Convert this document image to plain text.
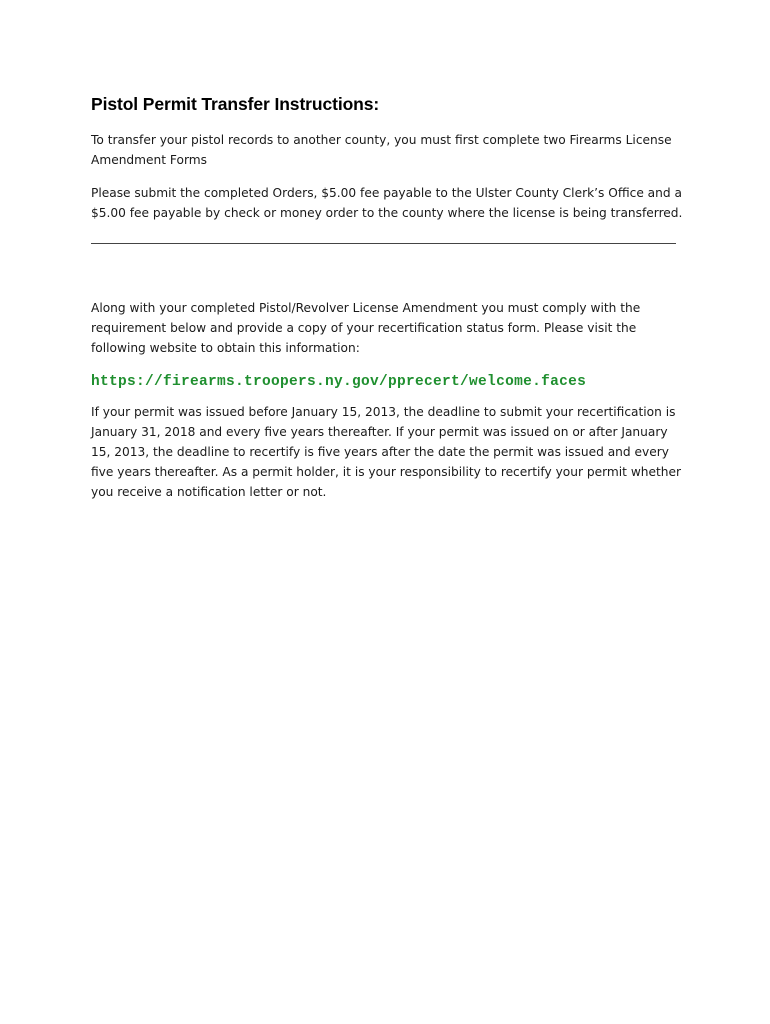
Pistol Permit Transfer Instructions:

To transfer your pistol records to another county, you must first complete two Firearms License Amendment Forms

Please submit the completed Orders, $5.00 fee payable to the Ulster County Clerk’s Office and a $5.00 fee payable by check or money order to the county where the license is being transferred.

Along with your completed Pistol/Revolver License Amendment you must comply with the requirement below and provide a copy of your recertification status form. Please visit the following website to obtain this information:

https://firearms.troopers.ny.gov/pprecert/welcome.faces

If your permit was issued before January 15, 2013, the deadline to submit your recertification is January 31, 2018 and every five years thereafter. If your permit was issued on or after January 15, 2013, the deadline to recertify is five years after the date the permit was issued and every five years thereafter. As a permit holder, it is your responsibility to recertify your permit whether you receive a notification letter or not.
